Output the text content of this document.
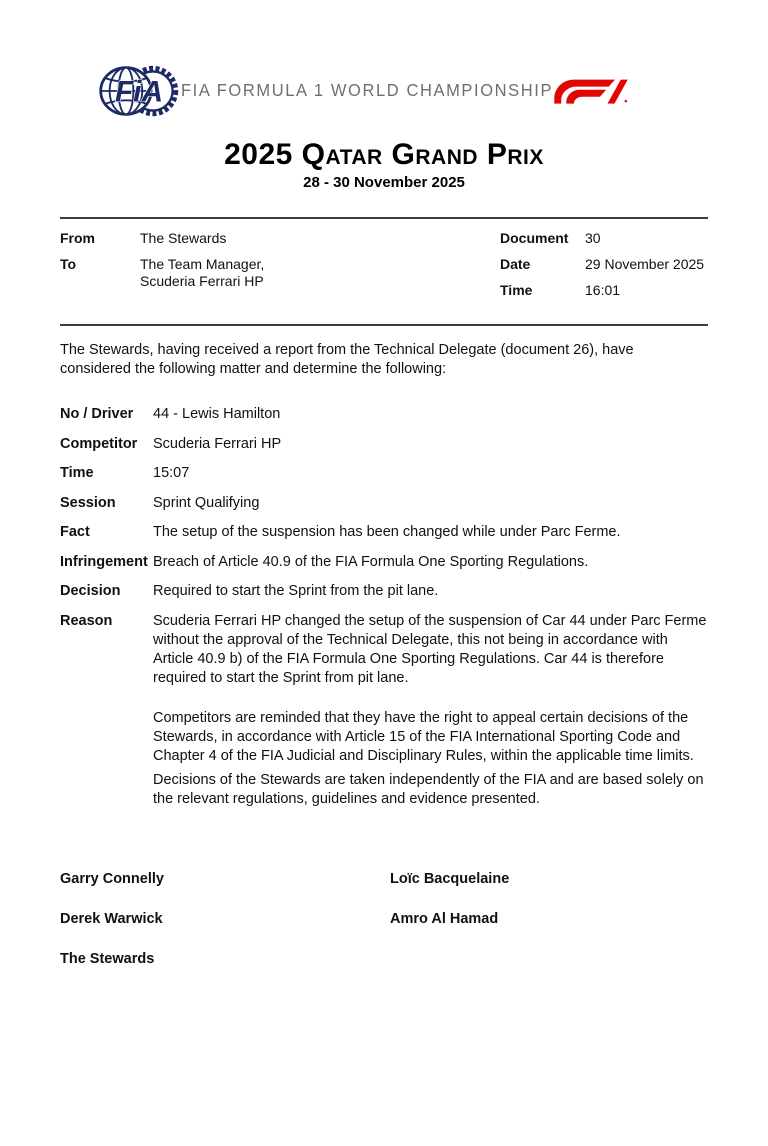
FiA FIA FORMULA 1 WORLD CHAMPIONSHIP
2025 Qatar Grand Prix
28 - 30 November 2025
From	The Stewards
To	The Team Manager,
Scuderia Ferrari HP
Document	30
Date	29 November 2025
Time	16:01

The Stewards, having received a report from the Technical Delegate (document 26), have considered the following matter and determine the following:

No / Driver	44 - Lewis Hamilton
Competitor	Scuderia Ferrari HP
Time	15:07
Session	Sprint Qualifying
Fact	The setup of the suspension has been changed while under Parc Ferme.
Infringement Breach of Article 40.9 of the FIA Formula One Sporting Regulations.
Decision	Required to start the Sprint from the pit lane.
Reason	Scuderia Ferrari HP changed the setup of the suspension of Car 44 under Parc Ferme without the approval of the Technical Delegate, this not being in accordance with Article 40.9 b) of the FIA Formula One Sporting Regulations. Car 44 is therefore required to start the Sprint from pit lane.

Competitors are reminded that they have the right to appeal certain decisions of the Stewards, in accordance with Article 15 of the FIA International Sporting Code and Chapter 4 of the FIA Judicial and Disciplinary Rules, within the applicable time limits.

Decisions of the Stewards are taken independently of the FIA and are based solely on the relevant regulations, guidelines and evidence presented.

Garry Connelly	Loïc Bacquelaine
Derek Warwick	Amro Al Hamad
The Stewards
